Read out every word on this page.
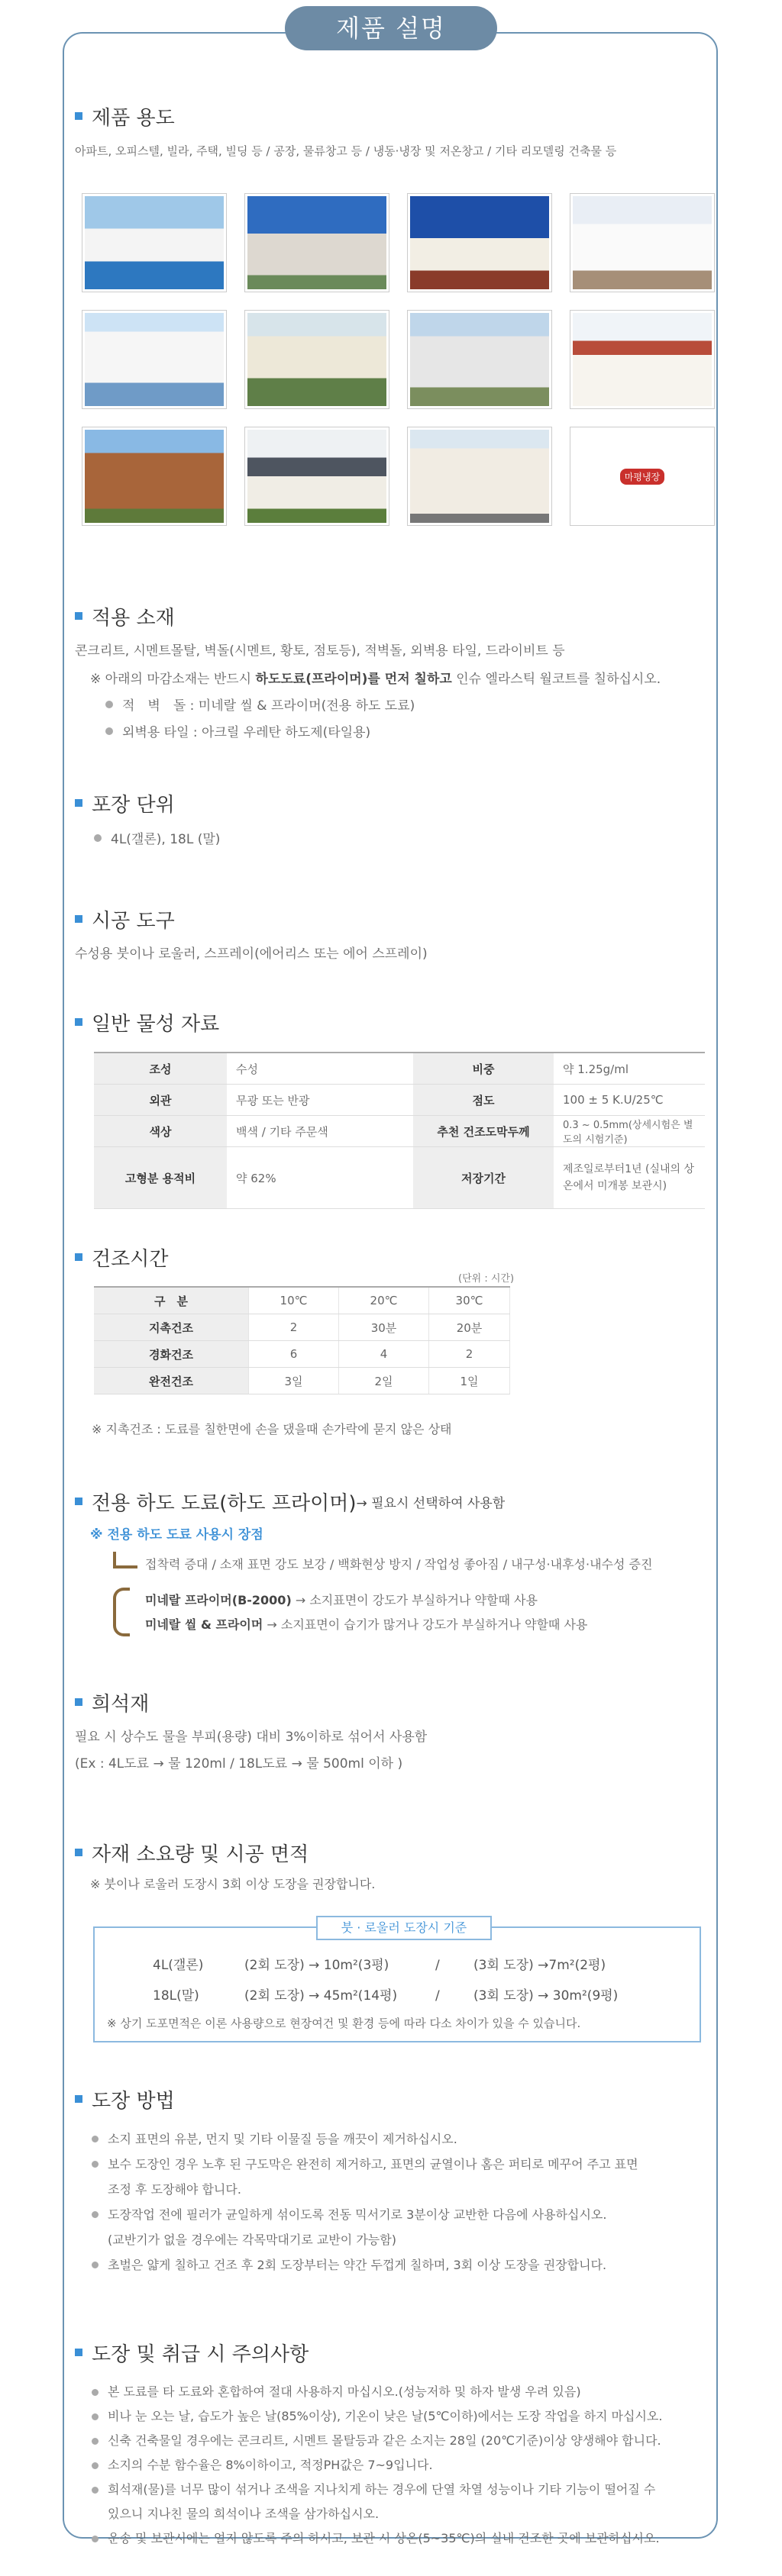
제품 설명
제품 용도
아파트, 오피스텔, 빌라, 주택, 빌딩 등 / 공장, 물류창고 등 / 냉동·냉장 및 저온창고 / 기타 리모델링 건축물 등
마평냉장
적용 소재
콘크리트, 시멘트몰탈, 벽돌(시멘트, 황토, 점토등), 적벽돌, 외벽용 타일, 드라이비트 등
※ 아래의 마감소재는 반드시 하도도료(프라이머)를 먼저 칠하고 인슈 엘라스틱 월코트를 칠하십시오.
적　벽　돌 : 미네랄 씰 & 프라이머(전용 하도 도료)
외벽용 타일 : 아크릴 우레탄 하도제(타일용)
포장 단위
4L(갤론), 18L (말)
시공 도구
수성용 붓이나 로울러, 스프레이(에어리스 또는 에어 스프레이)
일반 물성 자료
조성	수성	비중	약 1.25g/ml
외관	무광 또는 반광	점도	100 ± 5 K.U/25℃
색상	백색 / 기타 주문색	추천 건조도막두께	0.3 ~ 0.5mm(상세시험은 별도의 시험기준)
고형분 용적비	약 62%	저장기간	제조일로부터1년 (실내의 상온에서 미개봉 보관시)
건조시간
(단위 : 시간)
구　분	10℃	20℃	30℃
지촉건조	2	30분	20분
경화건조	6	4	2
완전건조	3일	2일	1일
※ 지촉건조 : 도료를 칠한면에 손을 댔을때 손가락에 묻지 않은 상태
전용 하도 도료(하도 프라이머) → 필요시 선택하여 사용함
※ 전용 하도 도료 사용시 장점
접착력 증대 / 소재 표면 강도 보강 / 백화현상 방지 / 작업성 좋아짐 / 내구성·내후성·내수성 증진
미네랄 프라이머(B-2000) → 소지표면이 강도가 부실하거나 약할때 사용
미네랄 씰 & 프라이머 → 소지표면이 습기가 많거나 강도가 부실하거나 약할때 사용
희석재
필요 시 상수도 물을 부피(용량) 대비 3%이하로 섞어서 사용함
(Ex : 4L도료 → 물 120ml / 18L도료 → 물 500ml 이하 )
자재 소요량 및 시공 면적
※ 붓이나 로울러 도장시 3회 이상 도장을 권장합니다.
붓 · 로울러 도장시 기준
4L(갤론)	(2회 도장) → 10m²(3평)	/	(3회 도장) →7m²(2평)
18L(말)	(2회 도장) → 45m²(14평)	/	(3회 도장) → 30m²(9평)
※ 상기 도포면적은 이론 사용량으로 현장여건 및 환경 등에 따라 다소 차이가 있을 수 있습니다.
도장 방법
소지 표면의 유분, 먼지 및 기타 이물질 등을 깨끗이 제거하십시오.
보수 도장인 경우 노후 된 구도막은 완전히 제거하고, 표면의 균열이나 홈은 퍼티로 메꾸어 주고 표면
조정 후 도장해야 합니다.
도장작업 전에 필러가 균일하게 섞이도록 전동 믹서기로 3분이상 교반한 다음에 사용하십시오.
(교반기가 없을 경우에는 각목막대기로 교반이 가능함)
초벌은 얇게 칠하고 건조 후 2회 도장부터는 약간 두껍게 칠하며, 3회 이상 도장을 권장합니다.
도장 및 취급 시 주의사항
본 도료를 타 도료와 혼합하여 절대 사용하지 마십시오.(성능저하 및 하자 발생 우려 있음)
비나 눈 오는 날, 습도가 높은 날(85%이상), 기온이 낮은 날(5℃이하)에서는 도장 작업을 하지 마십시오.
신축 건축물일 경우에는 콘크리트, 시멘트 몰탈등과 같은 소지는 28일 (20℃기준)이상 양생해야 합니다.
소지의 수분 함수율은 8%이하이고, 적정PH값은 7~9입니다.
희석재(물)를 너무 많이 섞거나 조색을 지나치게 하는 경우에 단열 차열 성능이나 기타 기능이 떨어질 수
있으니 지나친 물의 희석이나 조색을 삼가하십시오.
운송 및 보관시에는 얼지 않도록 주의 하시고, 보관 시 상온(5~35℃)의 실내 건조한 곳에 보관하십시오.
